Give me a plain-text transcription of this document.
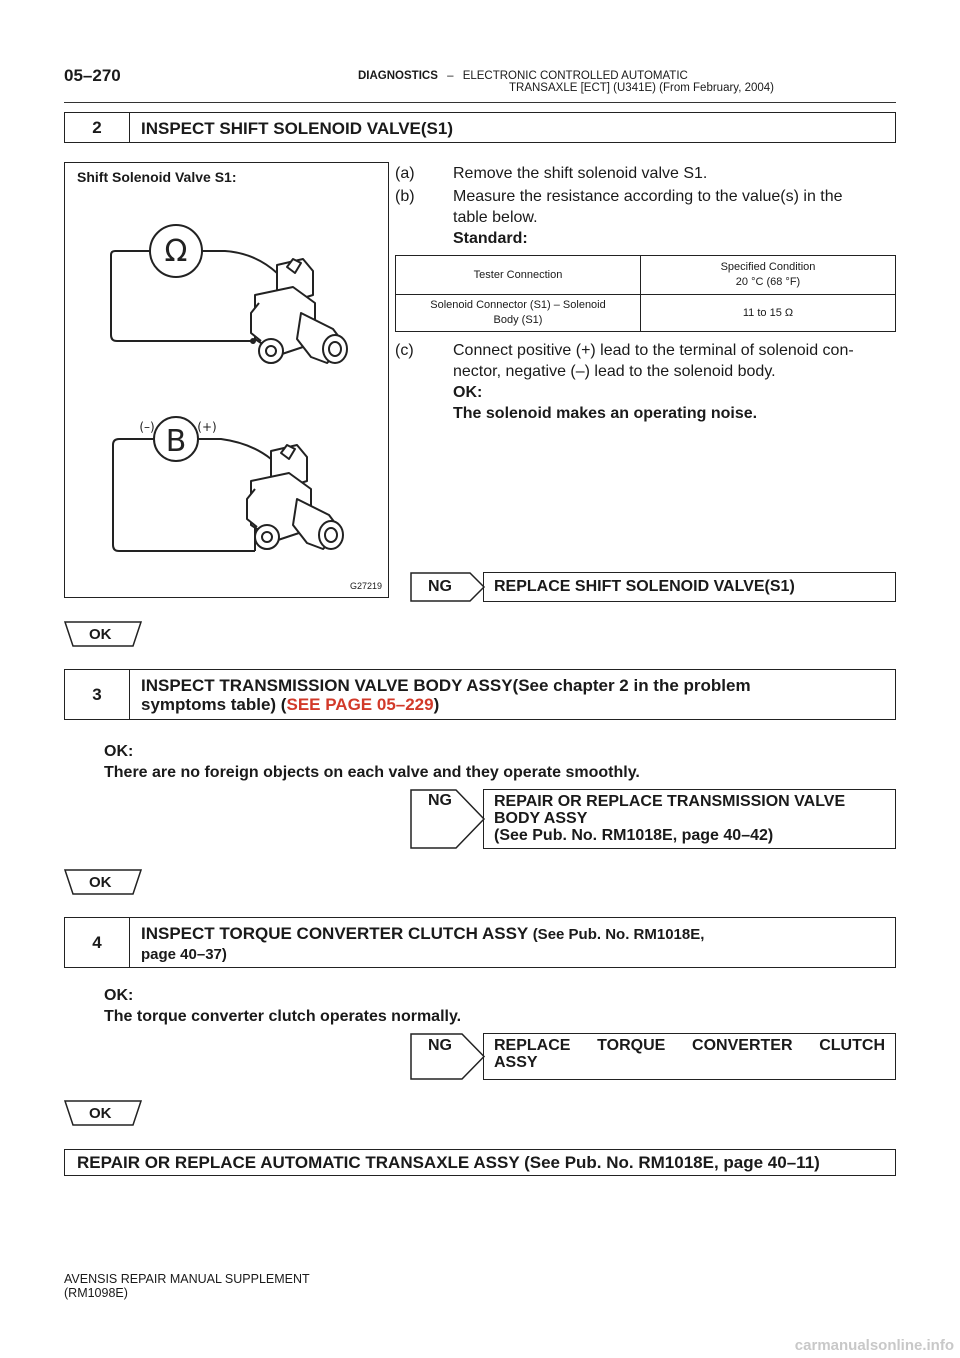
05–270	DIAGNOSTICS – ELECTRONIC CONTROLLED AUTOMATIC
TRANSAXLE [ECT] (U341E) (From February, 2004)
2	INSPECT SHIFT SOLENOID VALVE(S1)
Shift Solenoid Valve S1:
Ω
B
(–)	(+)
G27219
(a) Remove the shift solenoid valve S1.
(b) Measure the resistance according to the value(s) in the
table below.
Standard:
Tester Connection	Specified Condition
20 °C (68 °F)
Solenoid Connector (S1) – Solenoid
Body (S1)	11 to 15 Ω
(c) Connect positive (+) lead to the terminal of solenoid con-
nector, negative (–) lead to the solenoid body.
OK:
The solenoid makes an operating noise.
NG	REPLACE SHIFT SOLENOID VALVE(S1)
OK
3	INSPECT TRANSMISSION VALVE BODY ASSY(See chapter 2 in the problem
symptoms table) (SEE PAGE 05–229)
OK:
There are no foreign objects on each valve and they operate smoothly.
NG	REPAIR OR REPLACE TRANSMISSION VALVE
BODY ASSY
(See Pub. No. RM1018E, page 40–42)
OK
4	INSPECT TORQUE CONVERTER CLUTCH ASSY (See Pub. No. RM1018E,
page 40–37)
OK:
The torque converter clutch operates normally.
NG	REPLACE TORQUE CONVERTER CLUTCH
ASSY
OK
REPAIR OR REPLACE AUTOMATIC TRANSAXLE ASSY (See Pub. No. RM1018E, page 40–11)
AVENSIS REPAIR MANUAL SUPPLEMENT
(RM1098E)
carmanualsonline.info
